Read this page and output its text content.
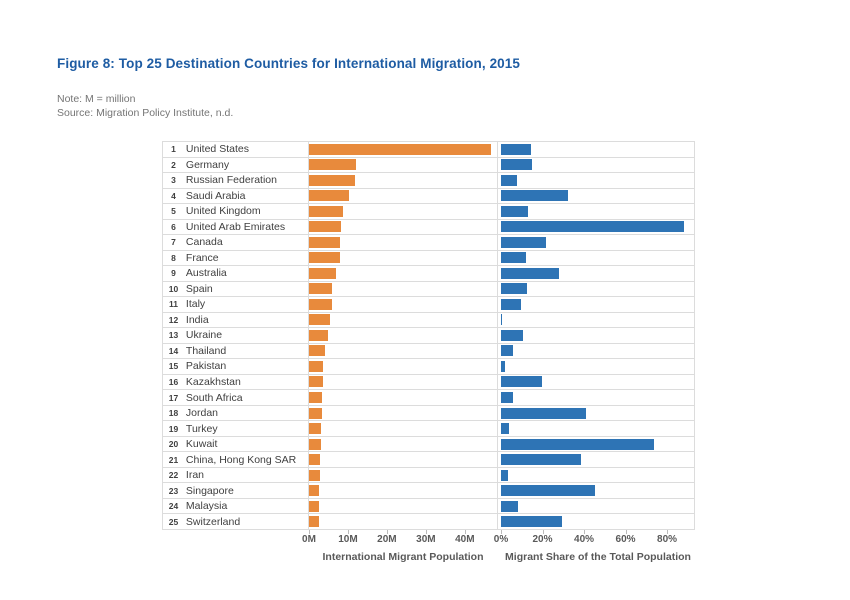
Figure 8: Top 25 Destination Countries for International Migration, 2015
Note: M = million
Source: Migration Policy Institute, n.d.
1 United States
2 Germany
3 Russian Federation
4 Saudi Arabia
5 United Kingdom
6 United Arab Emirates
7 Canada
8 France
9 Australia
10 Spain
11 Italy
12 India
13 Ukraine
14 Thailand
15 Pakistan
16 Kazakhstan
17 South Africa
18 Jordan
19 Turkey
20 Kuwait
21 China, Hong Kong SAR
22 Iran
23 Singapore
24 Malaysia
25 Switzerland
International Migrant Population Migrant Share of the Total Population
0M 10M 20M 30M 40M 0% 20% 40% 60% 80%
